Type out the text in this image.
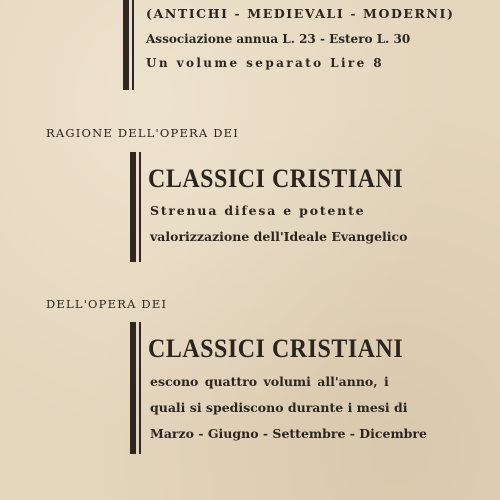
(ANTICHI - MEDIEVALI - MODERNI)
Associazione annua L. 23 - Estero L. 30
Un volume separato Lire 8
RAGIONE DELL'OPERA DEI
CLASSICI CRISTIANI
Strenua difesa e potente
valorizzazione dell'Ideale Evangelico
DELL'OPERA DEI
CLASSICI CRISTIANI
escono quattro volumi all'anno, i
quali si spediscono durante i mesi di
Marzo - Giugno - Settembre - Dicembre
